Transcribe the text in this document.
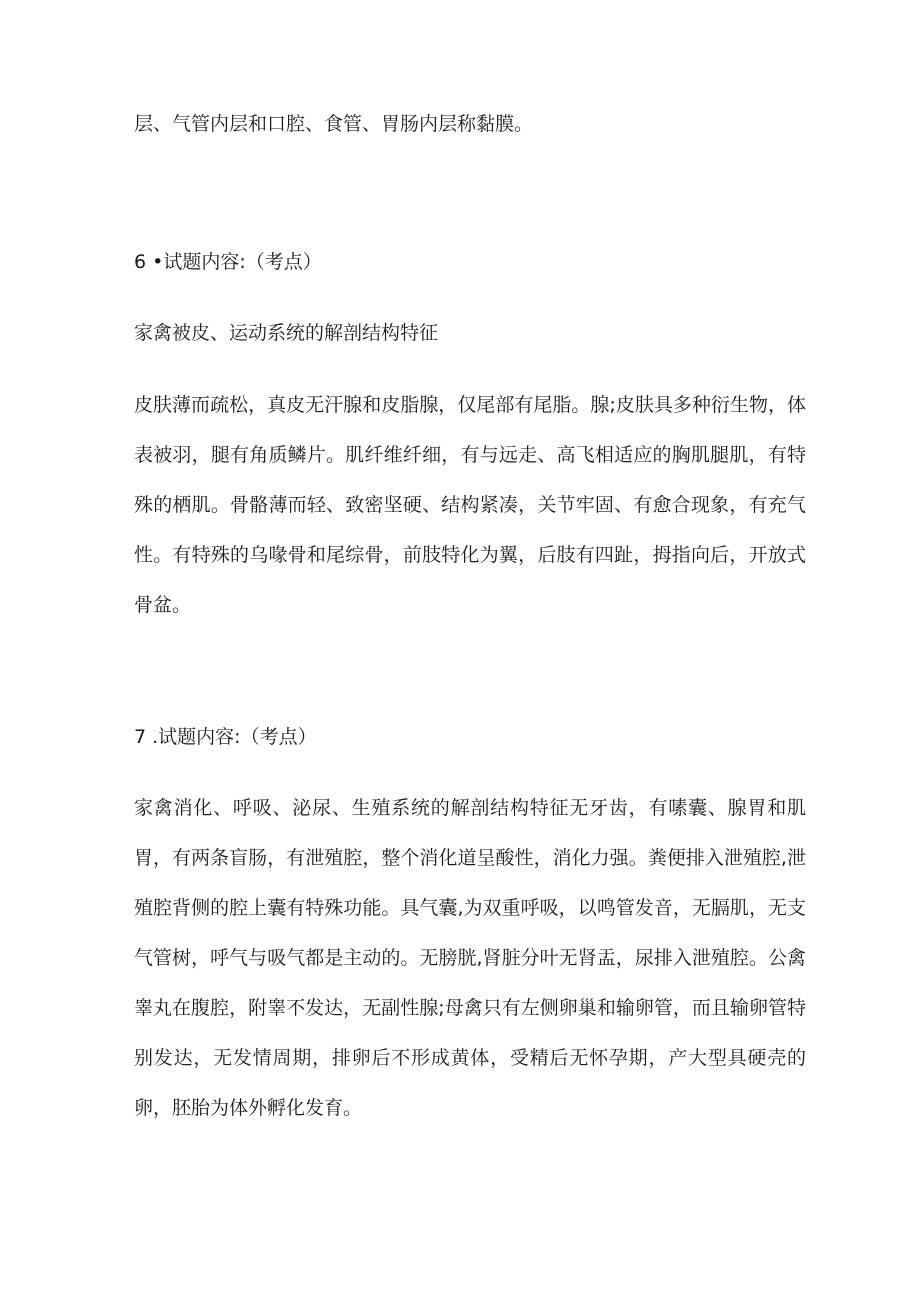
层、气管内层和口腔、食管、胃肠内层称黏膜。

6 •试题内容:（考点）

家禽被皮、运动系统的解剖结构特征

皮肤薄而疏松，真皮无汗腺和皮脂腺，仅尾部有尾脂。腺;皮肤具多种衍生物，体表被羽，腿有角质鳞片。肌纤维纤细，有与远走、高飞相适应的胸肌腿肌，有特殊的栖肌。骨骼薄而轻、致密坚硬、结构紧凑，关节牢固、有愈合现象，有充气性。有特殊的乌喙骨和尾综骨，前肢特化为翼，后肢有四趾，拇指向后，开放式骨盆。

7 .试题内容:（考点）

家禽消化、呼吸、泌尿、生殖系统的解剖结构特征无牙齿，有嗉囊、腺胃和肌胃，有两条盲肠，有泄殖腔，整个消化道呈酸性，消化力强。粪便排入泄殖腔,泄殖腔背侧的腔上囊有特殊功能。具气囊,为双重呼吸，以鸣管发音，无膈肌，无支气管树，呼气与吸气都是主动的。无膀胱,肾脏分叶无肾盂，尿排入泄殖腔。公禽睾丸在腹腔，附睾不发达，无副性腺;母禽只有左侧卵巢和输卵管，而且输卵管特别发达，无发情周期，排卵后不形成黄体，受精后无怀孕期，产大型具硬壳的卵，胚胎为体外孵化发育。
